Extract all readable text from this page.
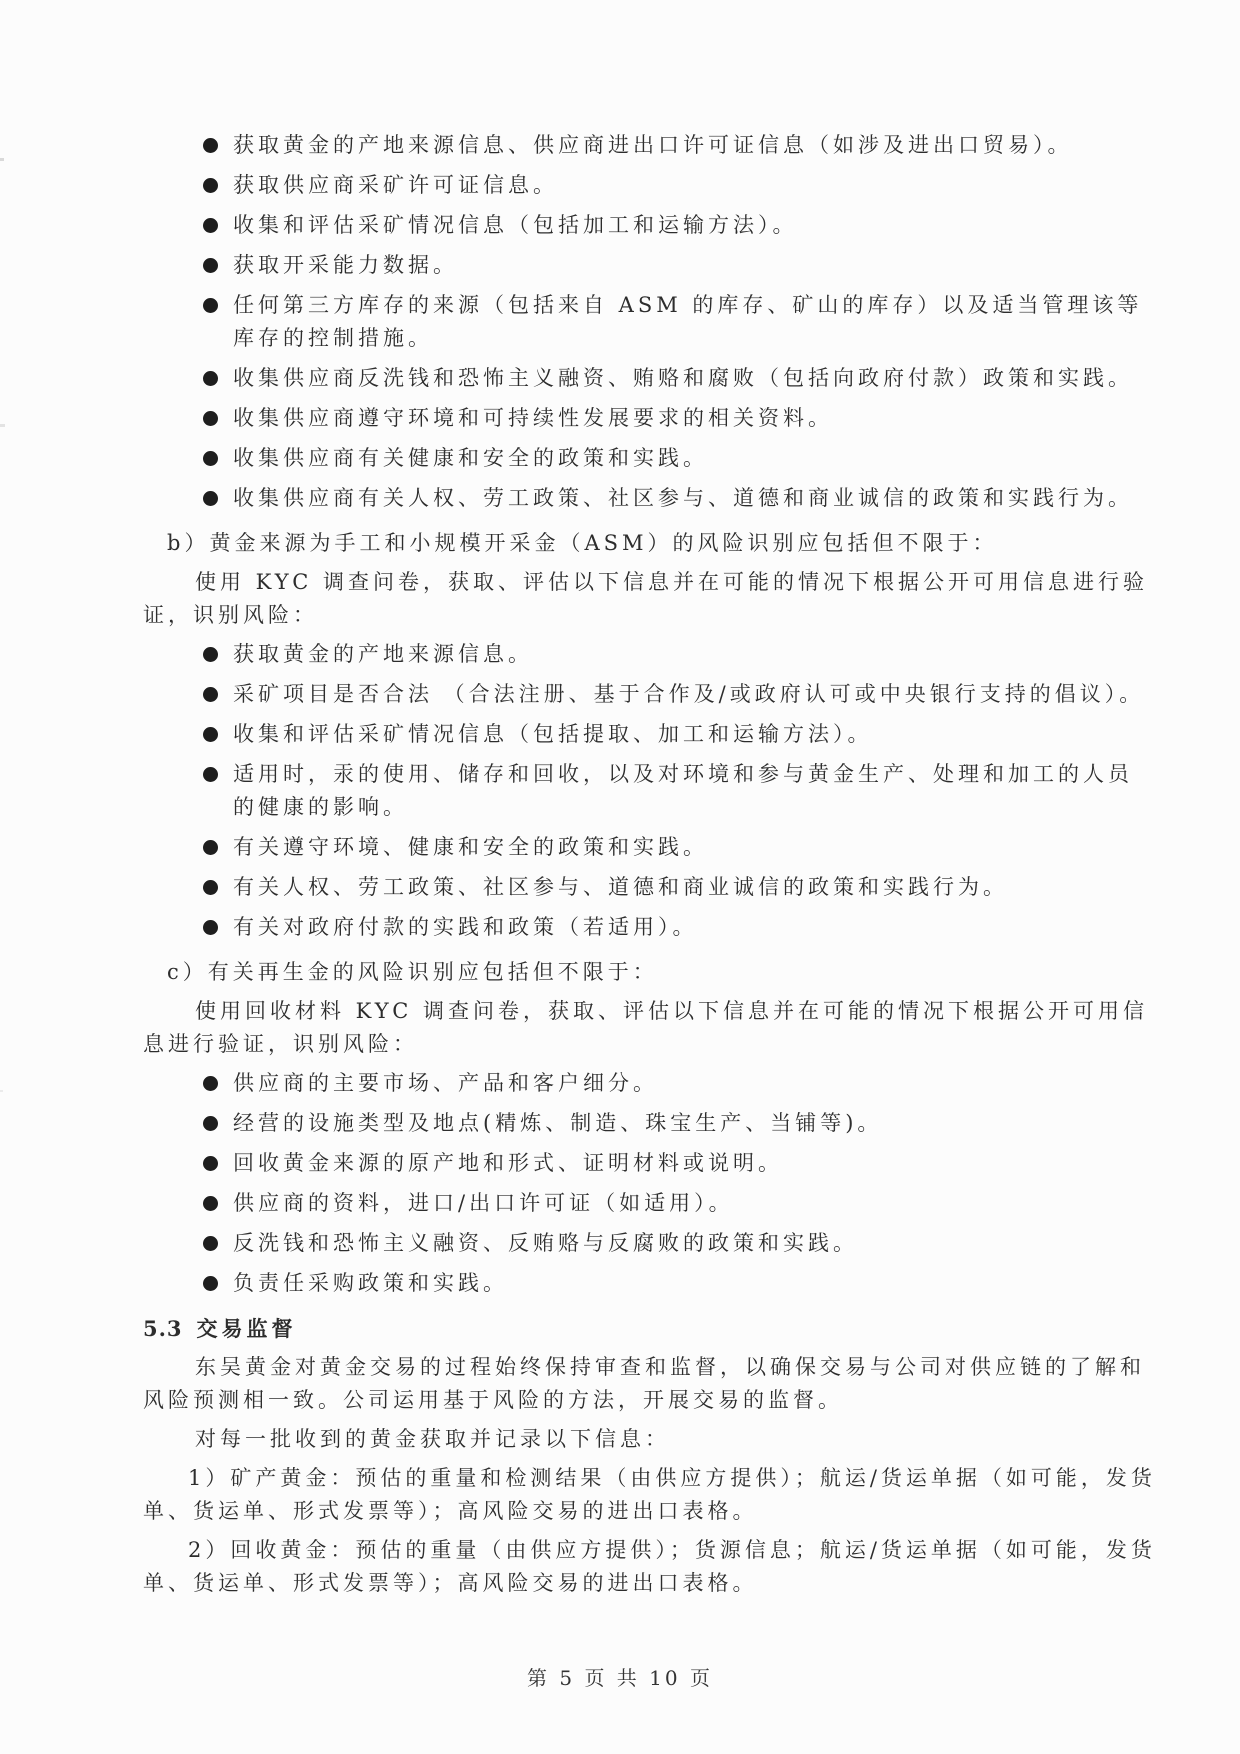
获取黄金的产地来源信息、供应商进出口许可证信息（如涉及进出口贸易）。
获取供应商采矿许可证信息。
收集和评估采矿情况信息（包括加工和运输方法）。
获取开采能力数据。
任何第三方库存的来源（包括来自 ASM 的库存、矿山的库存）以及适当管理该等
库存的控制措施。
收集供应商反洗钱和恐怖主义融资、贿赂和腐败（包括向政府付款）政策和实践。
收集供应商遵守环境和可持续性发展要求的相关资料。
收集供应商有关健康和安全的政策和实践。
收集供应商有关人权、劳工政策、社区参与、道德和商业诚信的政策和实践行为。
b）黄金来源为手工和小规模开采金（ASM）的风险识别应包括但不限于：
使用 KYC 调查问卷，获取、评估以下信息并在可能的情况下根据公开可用信息进行验
证，识别风险：
获取黄金的产地来源信息。
采矿项目是否合法 （合法注册、基于合作及/或政府认可或中央银行支持的倡议）。
收集和评估采矿情况信息（包括提取、加工和运输方法）。
适用时，汞的使用、储存和回收，以及对环境和参与黄金生产、处理和加工的人员
的健康的影响。
有关遵守环境、健康和安全的政策和实践。
有关人权、劳工政策、社区参与、道德和商业诚信的政策和实践行为。
有关对政府付款的实践和政策（若适用）。
c）有关再生金的风险识别应包括但不限于：
使用回收材料 KYC 调查问卷，获取、评估以下信息并在可能的情况下根据公开可用信
息进行验证，识别风险：
供应商的主要市场、产品和客户细分。
经营的设施类型及地点(精炼、制造、珠宝生产、当铺等)。
回收黄金来源的原产地和形式、证明材料或说明。
供应商的资料，进口/出口许可证（如适用）。
反洗钱和恐怖主义融资、反贿赂与反腐败的政策和实践。
负责任采购政策和实践。
5.3 交易监督
东吴黄金对黄金交易的过程始终保持审查和监督，以确保交易与公司对供应链的了解和
风险预测相一致。公司运用基于风险的方法，开展交易的监督。
对每一批收到的黄金获取并记录以下信息：
1）矿产黄金：预估的重量和检测结果（由供应方提供）；航运/货运单据（如可能，发货
单、货运单、形式发票等）；高风险交易的进出口表格。
2）回收黄金：预估的重量（由供应方提供）；货源信息；航运/货运单据（如可能，发货
单、货运单、形式发票等）；高风险交易的进出口表格。
第 5 页 共 10 页
